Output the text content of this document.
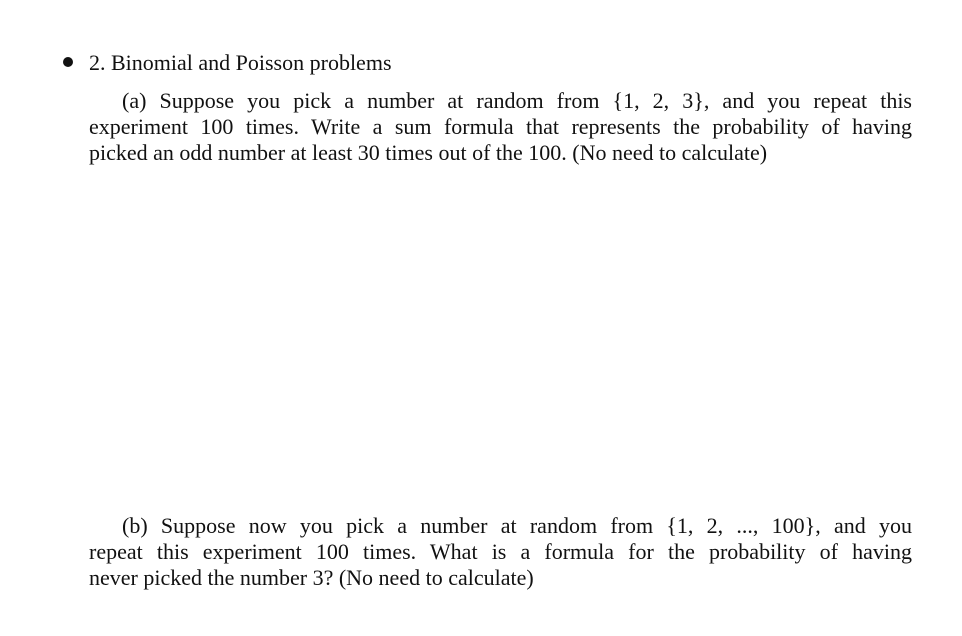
2. Binomial and Poisson problems
(a) Suppose you pick a number at random from {1, 2, 3}, and you repeat this
experiment 100 times. Write a sum formula that represents the probability of having
picked an odd number at least 30 times out of the 100. (No need to calculate)
(b) Suppose now you pick a number at random from {1, 2, ..., 100}, and you
repeat this experiment 100 times. What is a formula for the probability of having
never picked the number 3? (No need to calculate)
